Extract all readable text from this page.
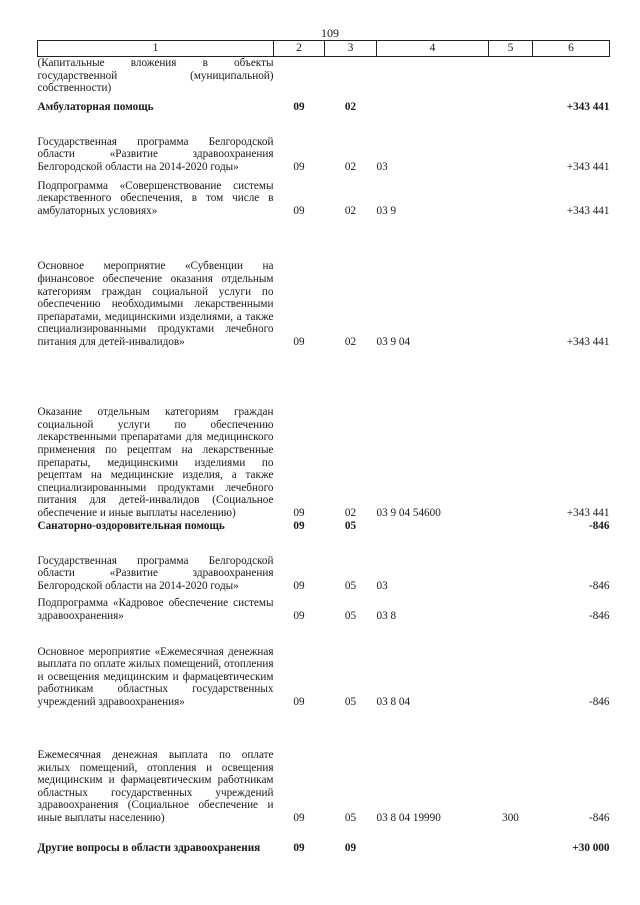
109
1	2	3	4	5	6
(Капитальные вложения в объекты государственной (муниципальной) собственности)					
Амбулаторная помощь	09	02			+343 441
Государственная программа Белгородской области «Развитие здравоохранения Белгородской области на 2014-2020 годы»	09	02	03		+343 441
Подпрограмма «Совершенствование системы лекарственного обеспечения, в том числе в амбулаторных условиях»	09	02	03 9		+343 441
Основное мероприятие «Субвенции на финансовое обеспечение оказания отдельным категориям граждан социальной услуги по обеспечению необходимыми лекарственными препаратами, медицинскими изделиями, а также специализированными продуктами лечебного питания для детей-инвалидов»	09	02	03 9 04		+343 441
Оказание отдельным категориям граждан социальной услуги по обеспечению лекарственными препаратами для медицинского применения по рецептам на лекарственные препараты, медицинскими изделиями по рецептам на медицинские изделия, а также специализированными продуктами лечебного питания для детей-инвалидов (Социальное обеспечение и иные выплаты населению)	09	02	03 9 04 54600		+343 441
Санаторно-оздоровительная помощь	09	05			-846
Государственная программа Белгородской области «Развитие здравоохранения Белгородской области на 2014-2020 годы»	09	05	03		-846
Подпрограмма «Кадровое обеспечение системы здравоохранения»	09	05	03 8		-846
Основное мероприятие «Ежемесячная денежная выплата по оплате жилых помещений, отопления и освещения медицинским и фармацевтическим работникам областных государственных учреждений здравоохранения»	09	05	03 8 04		-846
Ежемесячная денежная выплата по оплате жилых помещений, отопления и освещения медицинским и фармацевтическим работникам областных государственных учреждений здравоохранения (Социальное обеспечение и иные выплаты населению)	09	05	03 8 04 19990	300	-846
Другие вопросы в области здравоохранения	09	09			+30 000
